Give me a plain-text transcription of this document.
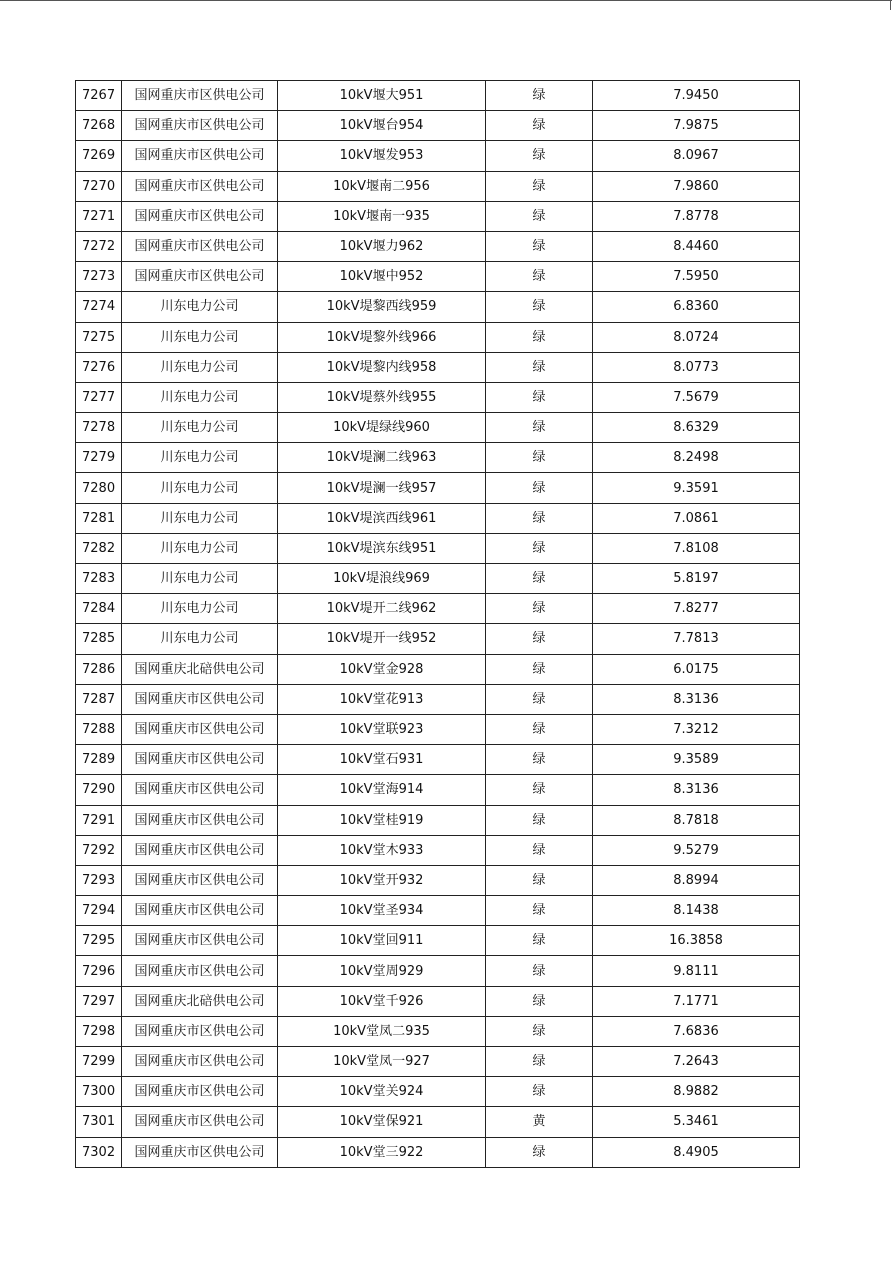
7267	国网重庆市区供电公司	10kV堰大951	绿	7.9450
7268	国网重庆市区供电公司	10kV堰台954	绿	7.9875
7269	国网重庆市区供电公司	10kV堰发953	绿	8.0967
7270	国网重庆市区供电公司	10kV堰南二956	绿	7.9860
7271	国网重庆市区供电公司	10kV堰南一935	绿	7.8778
7272	国网重庆市区供电公司	10kV堰力962	绿	8.4460
7273	国网重庆市区供电公司	10kV堰中952	绿	7.5950
7274	川东电力公司	10kV堤黎西线959	绿	6.8360
7275	川东电力公司	10kV堤黎外线966	绿	8.0724
7276	川东电力公司	10kV堤黎内线958	绿	8.0773
7277	川东电力公司	10kV堤蔡外线955	绿	7.5679
7278	川东电力公司	10kV堤绿线960	绿	8.6329
7279	川东电力公司	10kV堤澜二线963	绿	8.2498
7280	川东电力公司	10kV堤澜一线957	绿	9.3591
7281	川东电力公司	10kV堤滨西线961	绿	7.0861
7282	川东电力公司	10kV堤滨东线951	绿	7.8108
7283	川东电力公司	10kV堤浪线969	绿	5.8197
7284	川东电力公司	10kV堤开二线962	绿	7.8277
7285	川东电力公司	10kV堤开一线952	绿	7.7813
7286	国网重庆北碚供电公司	10kV堂金928	绿	6.0175
7287	国网重庆市区供电公司	10kV堂花913	绿	8.3136
7288	国网重庆市区供电公司	10kV堂联923	绿	7.3212
7289	国网重庆市区供电公司	10kV堂石931	绿	9.3589
7290	国网重庆市区供电公司	10kV堂海914	绿	8.3136
7291	国网重庆市区供电公司	10kV堂桂919	绿	8.7818
7292	国网重庆市区供电公司	10kV堂木933	绿	9.5279
7293	国网重庆市区供电公司	10kV堂开932	绿	8.8994
7294	国网重庆市区供电公司	10kV堂圣934	绿	8.1438
7295	国网重庆市区供电公司	10kV堂回911	绿	16.3858
7296	国网重庆市区供电公司	10kV堂周929	绿	9.8111
7297	国网重庆北碚供电公司	10kV堂千926	绿	7.1771
7298	国网重庆市区供电公司	10kV堂凤二935	绿	7.6836
7299	国网重庆市区供电公司	10kV堂凤一927	绿	7.2643
7300	国网重庆市区供电公司	10kV堂关924	绿	8.9882
7301	国网重庆市区供电公司	10kV堂保921	黄	5.3461
7302	国网重庆市区供电公司	10kV堂三922	绿	8.4905
